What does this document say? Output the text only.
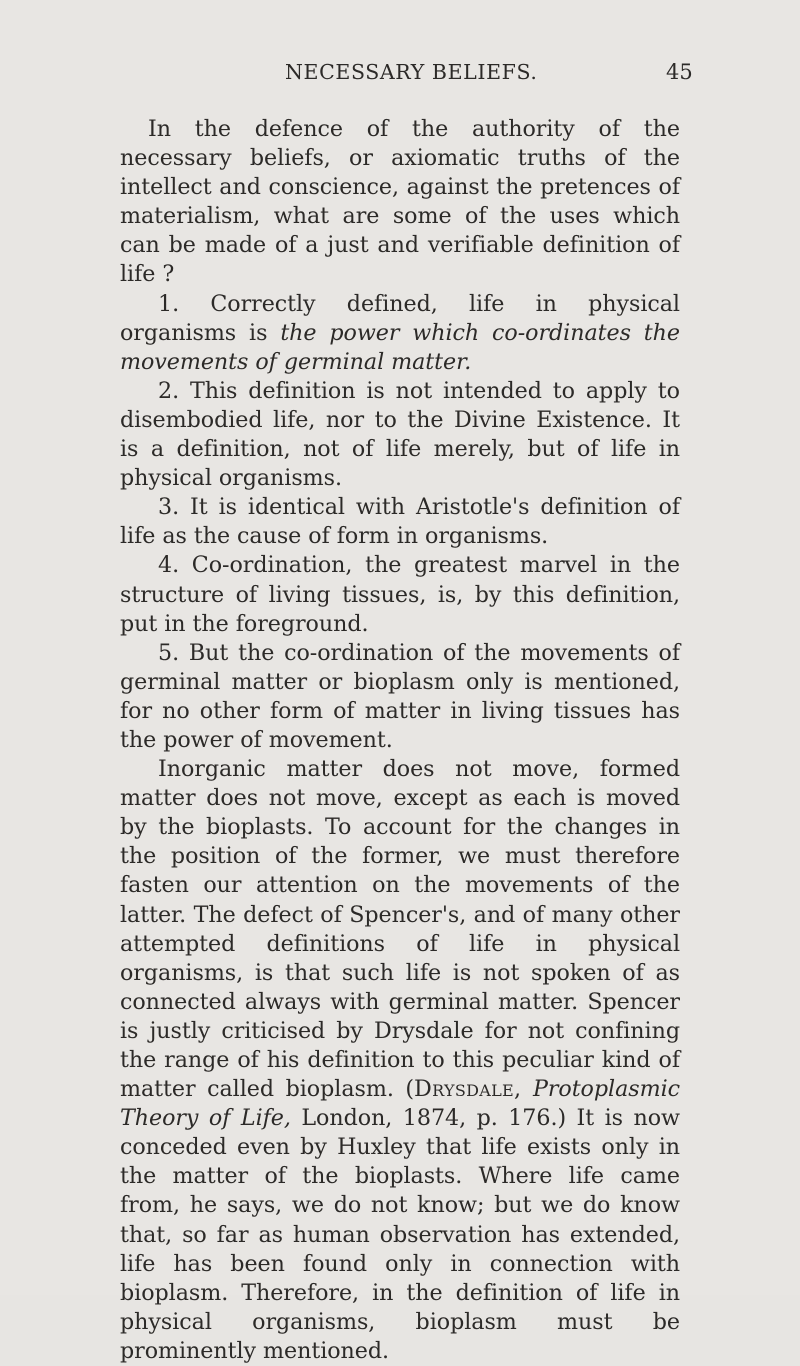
NECESSARY BELIEFS.	45

In the defence of the authority of the necessary beliefs, or axiomatic truths of the intellect and conscience, against the pretences of materialism, what are some of the uses which can be made of a just and verifiable definition of life ?

1. Correctly defined, life in physical organisms is the power which co-ordinates the movements of germinal matter.

2. This definition is not intended to apply to disembodied life, nor to the Divine Existence. It is a definition, not of life merely, but of life in physical organisms.

3. It is identical with Aristotle's definition of life as the cause of form in organisms.

4. Co-ordination, the greatest marvel in the structure of living tissues, is, by this definition, put in the foreground.

5. But the co-ordination of the movements of germinal matter or bioplasm only is mentioned, for no other form of matter in living tissues has the power of movement.

Inorganic matter does not move, formed matter does not move, except as each is moved by the bioplasts. To account for the changes in the position of the former, we must therefore fasten our attention on the movements of the latter. The defect of Spencer's, and of many other attempted definitions of life in physical organisms, is that such life is not spoken of as connected always with germinal matter. Spencer is justly criticised by Drysdale for not confining the range of his definition to this peculiar kind of matter called bioplasm. (Drysdale, Protoplasmic Theory of Life, London, 1874, p. 176.) It is now conceded even by Huxley that life exists only in the matter of the bioplasts. Where life came from, he says, we do not know; but we do know that, so far as human observation has extended, life has been found only in connection with bioplasm. Therefore, in the definition of life in physical organisms, bioplasm must be prominently mentioned.
